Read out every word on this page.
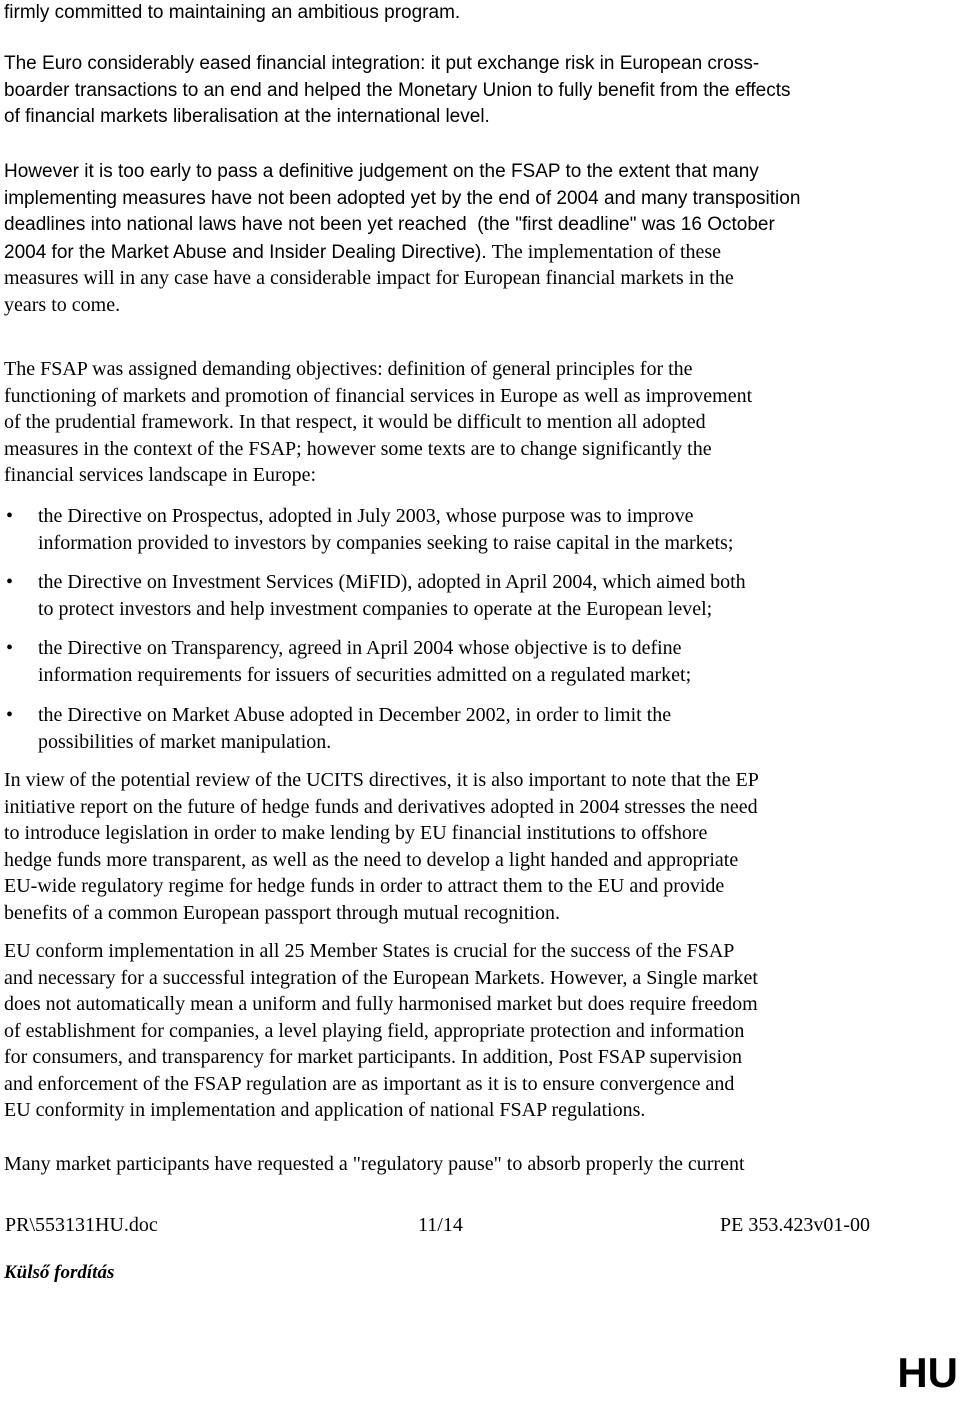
firmly committed to maintaining an ambitious program.
The Euro considerably eased financial integration: it put exchange risk in European cross-
boarder transactions to an end and helped the Monetary Union to fully benefit from the effects
of financial markets liberalisation at the international level.
However it is too early to pass a definitive judgement on the FSAP to the extent that many
implementing measures have not been adopted yet by the end of 2004 and many transposition
deadlines into national laws have not been yet reached  (the "first deadline" was 16 October
2004 for the Market Abuse and Insider Dealing Directive). The implementation of these
measures will in any case have a considerable impact for European financial markets in the
years to come.
The FSAP was assigned demanding objectives: definition of general principles for the
functioning of markets and promotion of financial services in Europe as well as improvement
of the prudential framework. In that respect, it would be difficult to mention all adopted
measures in the context of the FSAP; however some texts are to change significantly the
financial services landscape in Europe:
• the Directive on Prospectus, adopted in July 2003, whose purpose was to improve
information provided to investors by companies seeking to raise capital in the markets;
• the Directive on Investment Services (MiFID), adopted in April 2004, which aimed both
to protect investors and help investment companies to operate at the European level;
• the Directive on Transparency, agreed in April 2004 whose objective is to define
information requirements for issuers of securities admitted on a regulated market;
• the Directive on Market Abuse adopted in December 2002, in order to limit the
possibilities of market manipulation.
In view of the potential review of the UCITS directives, it is also important to note that the EP
initiative report on the future of hedge funds and derivatives adopted in 2004 stresses the need
to introduce legislation in order to make lending by EU financial institutions to offshore
hedge funds more transparent, as well as the need to develop a light handed and appropriate
EU-wide regulatory regime for hedge funds in order to attract them to the EU and provide
benefits of a common European passport through mutual recognition.
EU conform implementation in all 25 Member States is crucial for the success of the FSAP
and necessary for a successful integration of the European Markets. However, a Single market
does not automatically mean a uniform and fully harmonised market but does require freedom
of establishment for companies, a level playing field, appropriate protection and information
for consumers, and transparency for market participants. In addition, Post FSAP supervision
and enforcement of the FSAP regulation are as important as it is to ensure convergence and
EU conformity in implementation and application of national FSAP regulations.
Many market participants have requested a "regulatory pause" to absorb properly the current
PR\553131HU.doc	11/14	PE 353.423v01-00
Külső fordítás
HU
